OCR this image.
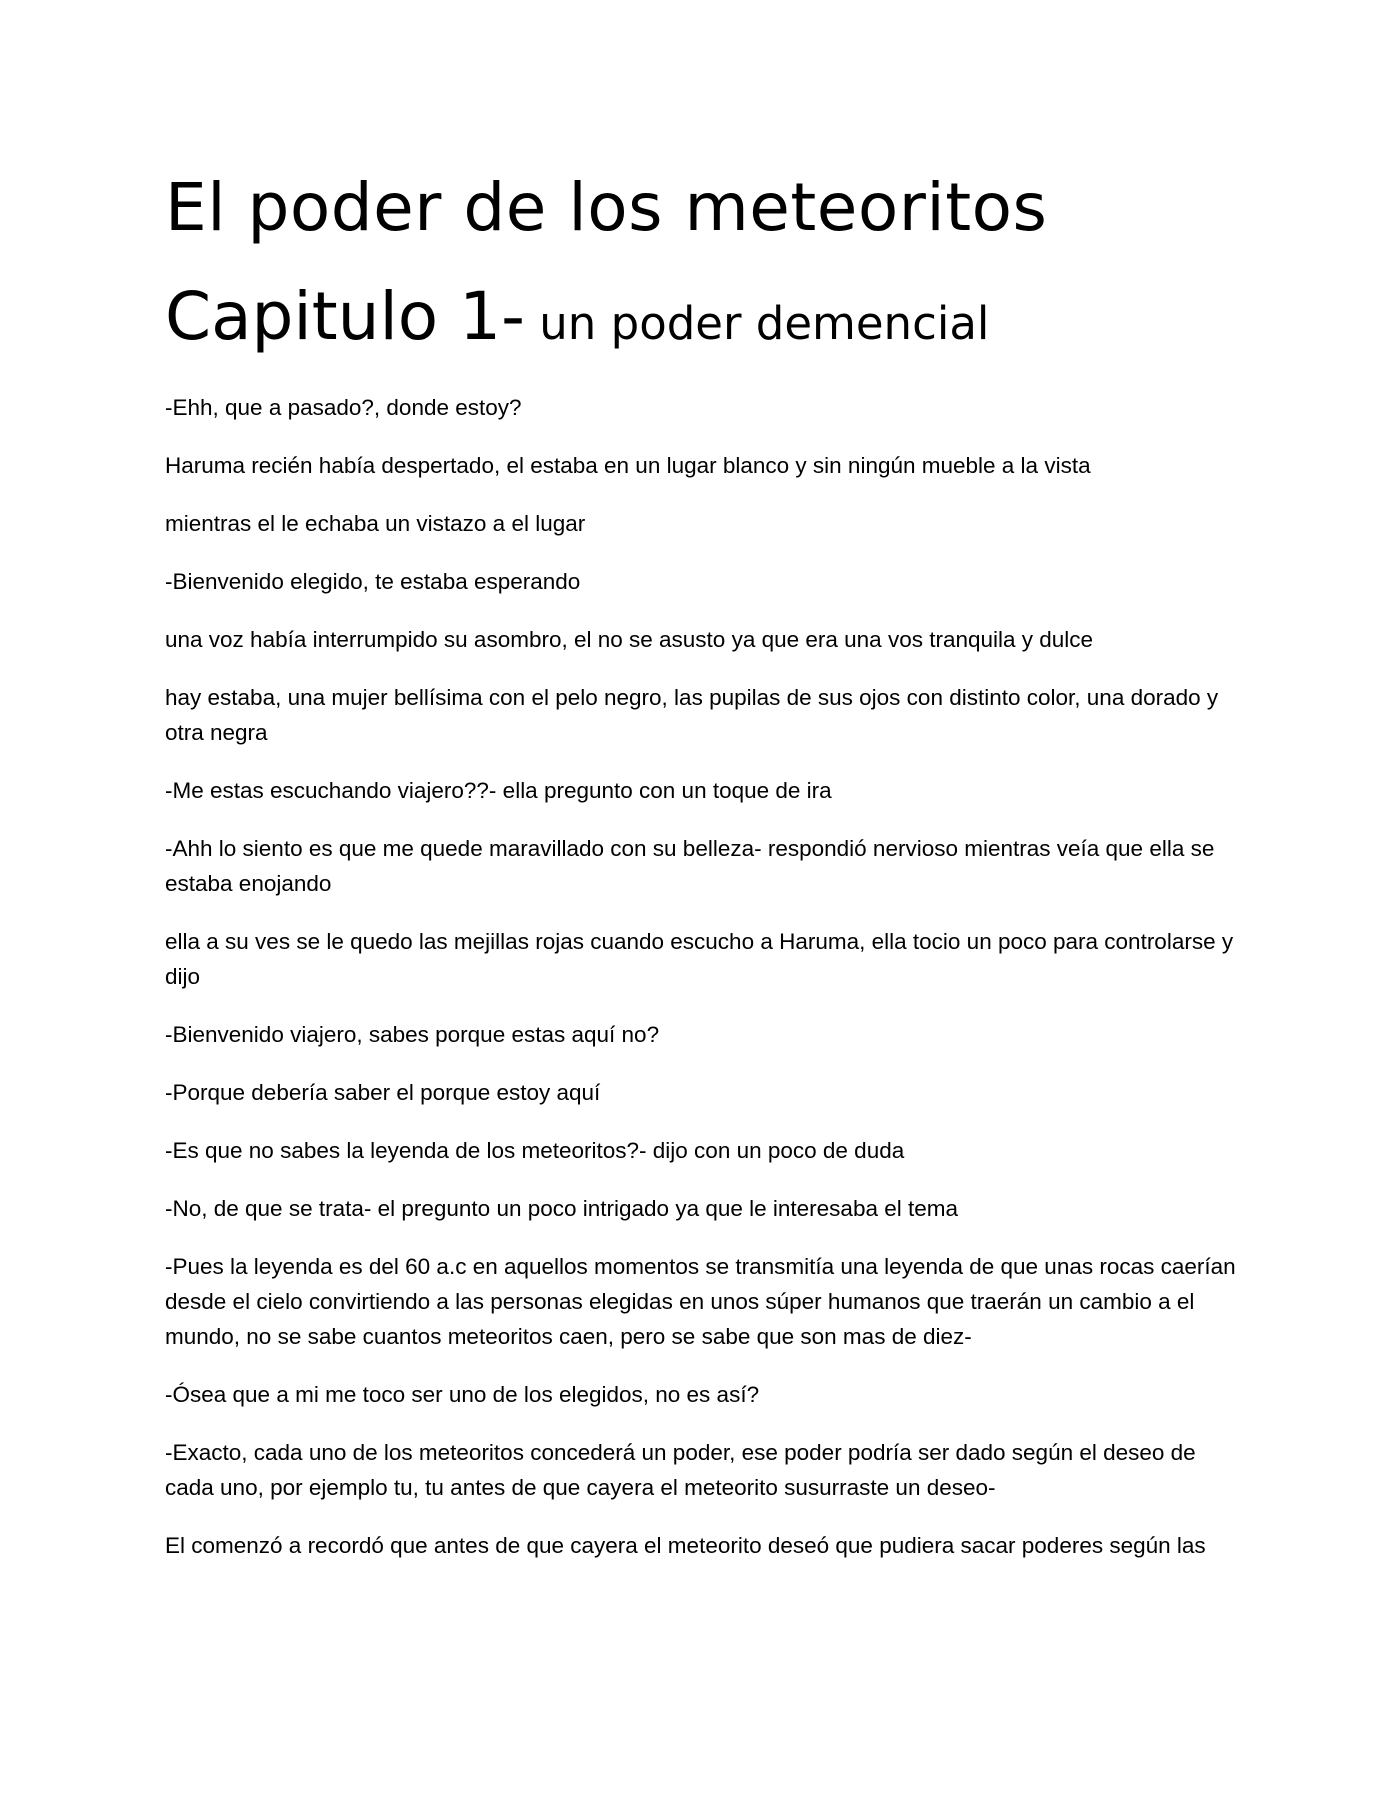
El poder de los meteoritos
Capitulo 1- un poder demencial

-Ehh, que a pasado?, donde estoy?

Haruma recién había despertado, el estaba en un lugar blanco y sin ningún mueble a la vista

mientras el le echaba un vistazo a el lugar

-Bienvenido elegido, te estaba esperando

una voz había interrumpido su asombro, el no se asusto ya que era una vos tranquila y dulce

hay estaba, una mujer bellísima con el pelo negro, las pupilas de sus ojos con distinto color, una dorado y otra negra

-Me estas escuchando viajero??- ella pregunto con un toque de ira

-Ahh lo siento es que me quede maravillado con su belleza- respondió nervioso mientras veía que ella se estaba enojando

ella a su ves se le quedo las mejillas rojas cuando escucho a Haruma, ella tocio un poco para controlarse y dijo

-Bienvenido viajero, sabes porque estas aquí no?

-Porque debería saber el porque estoy aquí

-Es que no sabes la leyenda de los meteoritos?- dijo con un poco de duda

-No, de que se trata- el pregunto un poco intrigado ya que le interesaba el tema

-Pues la leyenda es del 60 a.c en aquellos momentos se transmitía una leyenda de que unas rocas caerían desde el cielo convirtiendo a las personas elegidas en unos súper humanos que traerán un cambio a el mundo, no se sabe cuantos meteoritos caen, pero se sabe que son mas de diez-

-Ósea que a mi me toco ser uno de los elegidos, no es así?

-Exacto, cada uno de los meteoritos concederá un poder, ese poder podría ser dado según el deseo de cada uno, por ejemplo tu, tu antes de que cayera el meteorito susurraste un deseo-

El comenzó a recordó que antes de que cayera el meteorito deseó que pudiera sacar poderes según las
